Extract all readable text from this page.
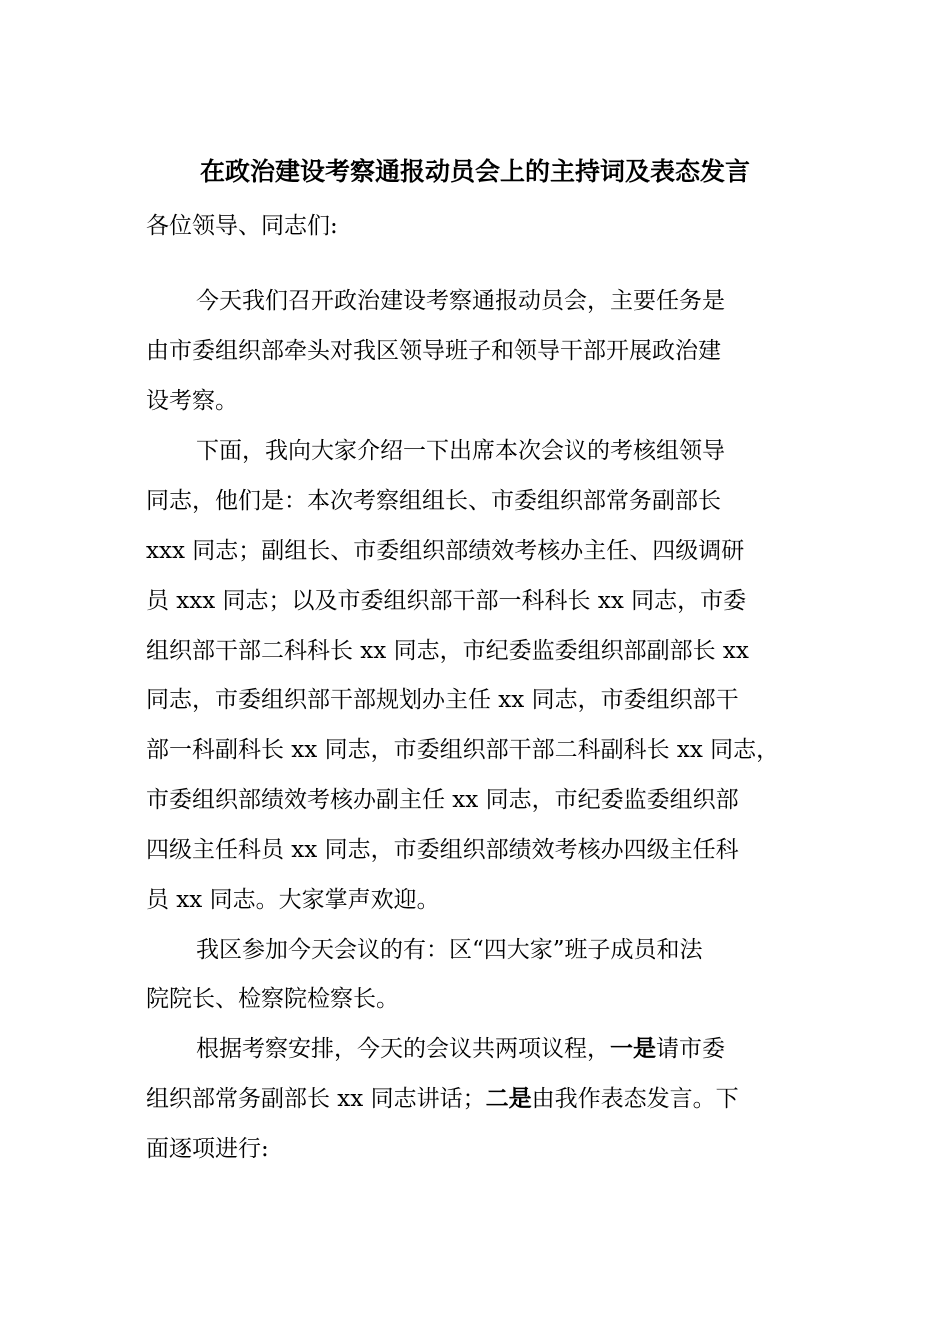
在政治建设考察通报动员会上的主持词及表态发言
各位领导、同志们:
今天我们召开政治建设考察通报动员会，主要任务是
由市委组织部牵头对我区领导班子和领导干部开展政治建
设考察。
下面，我向大家介绍一下出席本次会议的考核组领导
同志，他们是：本次考察组组长、市委组织部常务副部长
xxx 同志；副组长、市委组织部绩效考核办主任、四级调研
员 xxx 同志；以及市委组织部干部一科科长 xx 同志，市委
组织部干部二科科长 xx 同志，市纪委监委组织部副部长 xx
同志，市委组织部干部规划办主任 xx 同志，市委组织部干
部一科副科长 xx 同志，市委组织部干部二科副科长 xx 同志，
市委组织部绩效考核办副主任 xx 同志，市纪委监委组织部
四级主任科员 xx 同志，市委组织部绩效考核办四级主任科
员 xx 同志。大家掌声欢迎。
我区参加今天会议的有：区“四大家”班子成员和法
院院长、检察院检察长。
根据考察安排，今天的会议共两项议程，一是请市委
组织部常务副部长 xx 同志讲话；二是由我作表态发言。下
面逐项进行:
